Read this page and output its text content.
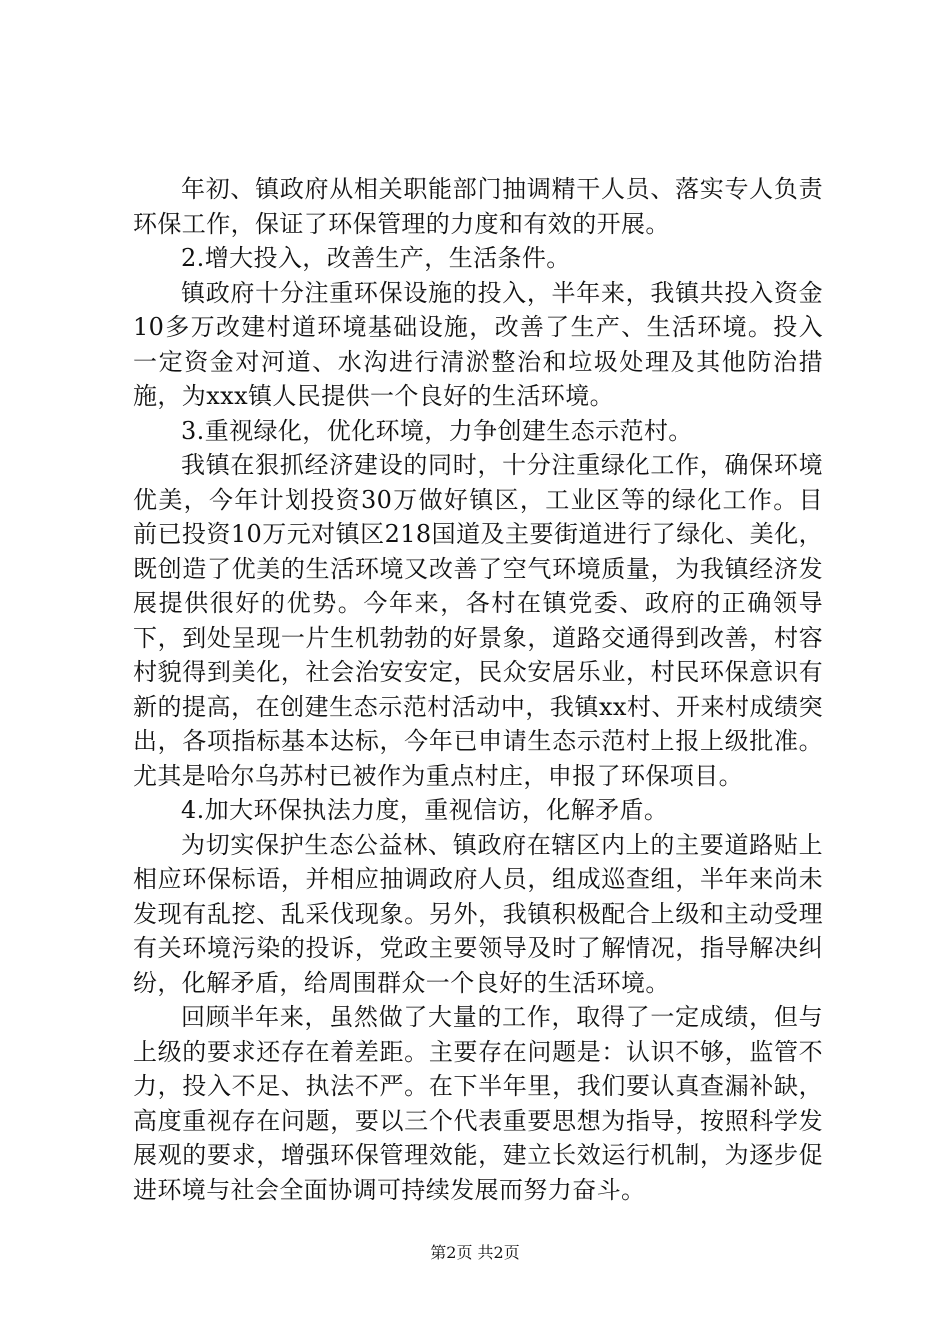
年初、镇政府从相关职能部门抽调精干人员、落实专人负责环保工作，保证了环保管理的力度和有效的开展。

2.增大投入，改善生产，生活条件。

镇政府十分注重环保设施的投入，半年来，我镇共投入资金10多万改建村道环境基础设施，改善了生产、生活环境。投入一定资金对河道、水沟进行清淤整治和垃圾处理及其他防治措施，为xxx镇人民提供一个良好的生活环境。

3.重视绿化，优化环境，力争创建生态示范村。

我镇在狠抓经济建设的同时，十分注重绿化工作，确保环境优美，今年计划投资30万做好镇区，工业区等的绿化工作。目前已投资10万元对镇区218国道及主要街道进行了绿化、美化，既创造了优美的生活环境又改善了空气环境质量，为我镇经济发展提供很好的优势。今年来，各村在镇党委、政府的正确领导下，到处呈现一片生机勃勃的好景象，道路交通得到改善，村容村貌得到美化，社会治安安定，民众安居乐业，村民环保意识有新的提高，在创建生态示范村活动中，我镇xx村、开来村成绩突出，各项指标基本达标，今年已申请生态示范村上报上级批准。尤其是哈尔乌苏村已被作为重点村庄，申报了环保项目。

4.加大环保执法力度，重视信访，化解矛盾。

为切实保护生态公益林、镇政府在辖区内上的主要道路贴上相应环保标语，并相应抽调政府人员，组成巡查组，半年来尚未发现有乱挖、乱采伐现象。另外，我镇积极配合上级和主动受理有关环境污染的投诉，党政主要领导及时了解情况，指导解决纠纷，化解矛盾，给周围群众一个良好的生活环境。

回顾半年来，虽然做了大量的工作，取得了一定成绩，但与上级的要求还存在着差距。主要存在问题是：认识不够，监管不力，投入不足、执法不严。在下半年里，我们要认真查漏补缺，高度重视存在问题，要以三个代表重要思想为指导，按照科学发展观的要求，增强环保管理效能，建立长效运行机制，为逐步促进环境与社会全面协调可持续发展而努力奋斗。

第2页 共2页
